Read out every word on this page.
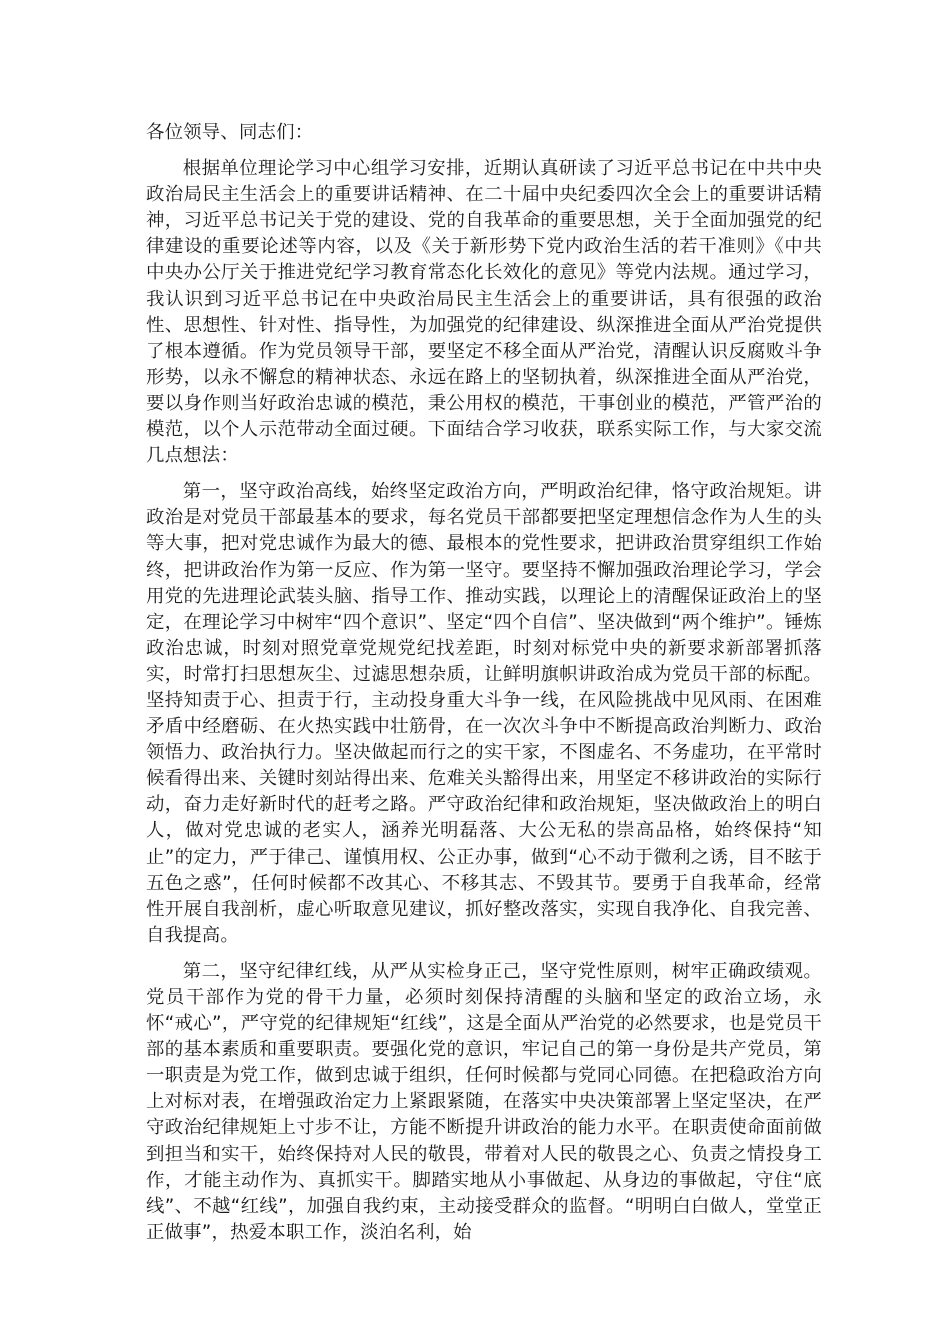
各位领导、同志们：

根据单位理论学习中心组学习安排，近期认真研读了习近平总书记在中共中央政治局民主生活会上的重要讲话精神、在二十届中央纪委四次全会上的重要讲话精神，习近平总书记关于党的建设、党的自我革命的重要思想，关于全面加强党的纪律建设的重要论述等内容，以及《关于新形势下党内政治生活的若干准则》《中共中央办公厅关于推进党纪学习教育常态化长效化的意见》等党内法规。通过学习，我认识到习近平总书记在中央政治局民主生活会上的重要讲话，具有很强的政治性、思想性、针对性、指导性，为加强党的纪律建设、纵深推进全面从严治党提供了根本遵循。作为党员领导干部，要坚定不移全面从严治党，清醒认识反腐败斗争形势，以永不懈怠的精神状态、永远在路上的坚韧执着，纵深推进全面从严治党，要以身作则当好政治忠诚的模范，秉公用权的模范，干事创业的模范，严管严治的模范，以个人示范带动全面过硬。下面结合学习收获，联系实际工作，与大家交流几点想法：

第一，坚守政治高线，始终坚定政治方向，严明政治纪律，恪守政治规矩。讲政治是对党员干部最基本的要求，每名党员干部都要把坚定理想信念作为人生的头等大事，把对党忠诚作为最大的德、最根本的党性要求，把讲政治贯穿组织工作始终，把讲政治作为第一反应、作为第一坚守。要坚持不懈加强政治理论学习，学会用党的先进理论武装头脑、指导工作、推动实践，以理论上的清醒保证政治上的坚定，在理论学习中树牢“四个意识”、坚定“四个自信”、坚决做到“两个维护”。锤炼政治忠诚，时刻对照党章党规党纪找差距，时刻对标党中央的新要求新部署抓落实，时常打扫思想灰尘、过滤思想杂质，让鲜明旗帜讲政治成为党员干部的标配。坚持知责于心、担责于行，主动投身重大斗争一线，在风险挑战中见风雨、在困难矛盾中经磨砺、在火热实践中壮筋骨，在一次次斗争中不断提高政治判断力、政治领悟力、政治执行力。坚决做起而行之的实干家，不图虚名、不务虚功，在平常时候看得出来、关键时刻站得出来、危难关头豁得出来，用坚定不移讲政治的实际行动，奋力走好新时代的赶考之路。严守政治纪律和政治规矩，坚决做政治上的明白人，做对党忠诚的老实人，涵养光明磊落、大公无私的崇高品格，始终保持“知止”的定力，严于律己、谨慎用权、公正办事，做到“心不动于微利之诱，目不眩于五色之惑”，任何时候都不改其心、不移其志、不毁其节。要勇于自我革命，经常性开展自我剖析，虚心听取意见建议，抓好整改落实，实现自我净化、自我完善、自我提高。

第二，坚守纪律红线，从严从实检身正己，坚守党性原则，树牢正确政绩观。党员干部作为党的骨干力量，必须时刻保持清醒的头脑和坚定的政治立场，永怀“戒心”，严守党的纪律规矩“红线”，这是全面从严治党的必然要求，也是党员干部的基本素质和重要职责。要强化党的意识，牢记自己的第一身份是共产党员，第一职责是为党工作，做到忠诚于组织，任何时候都与党同心同德。在把稳政治方向上对标对表，在增强政治定力上紧跟紧随，在落实中央决策部署上坚定坚决，在严守政治纪律规矩上寸步不让，方能不断提升讲政治的能力水平。在职责使命面前做到担当和实干，始终保持对人民的敬畏，带着对人民的敬畏之心、负责之情投身工作，才能主动作为、真抓实干。脚踏实地从小事做起、从身边的事做起，守住“底线”、不越“红线”，加强自我约束，主动接受群众的监督。“明明白白做人，堂堂正正做事”，热爱本职工作，淡泊名利，始
